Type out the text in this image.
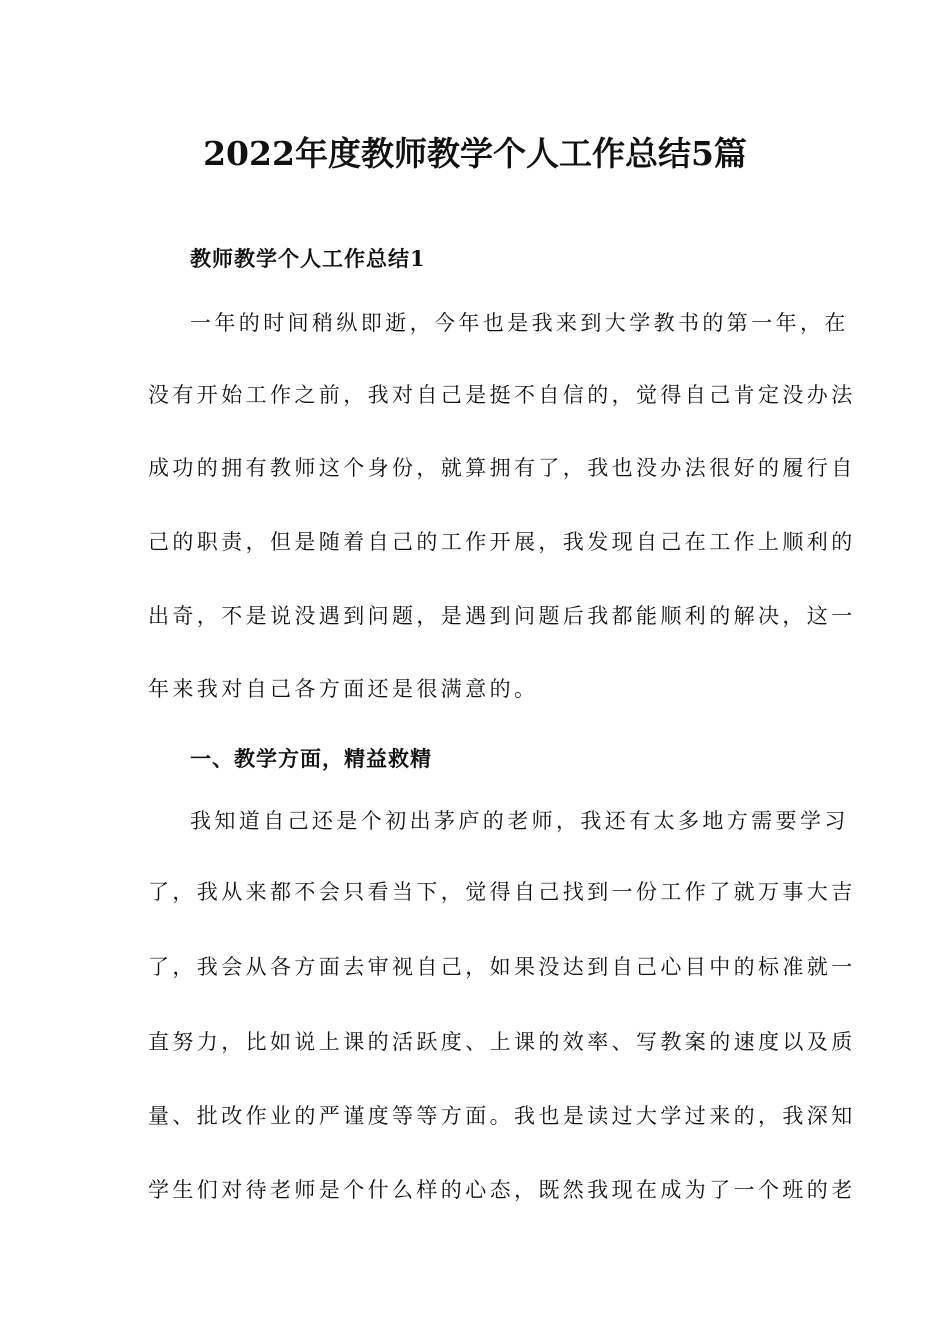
2022年度教师教学个人工作总结5篇
教师教学个人工作总结1
一年的时间稍纵即逝，今年也是我来到大学教书的第一年，在
没有开始工作之前，我对自己是挺不自信的，觉得自己肯定没办法
成功的拥有教师这个身份，就算拥有了，我也没办法很好的履行自
己的职责，但是随着自己的工作开展，我发现自己在工作上顺利的
出奇，不是说没遇到问题，是遇到问题后我都能顺利的解决，这一
年来我对自己各方面还是很满意的。
一、教学方面，精益救精
我知道自己还是个初出茅庐的老师，我还有太多地方需要学习
了，我从来都不会只看当下，觉得自己找到一份工作了就万事大吉
了，我会从各方面去审视自己，如果没达到自己心目中的标准就一
直努力，比如说上课的活跃度、上课的效率、写教案的速度以及质
量、批改作业的严谨度等等方面。我也是读过大学过来的，我深知
学生们对待老师是个什么样的心态，既然我现在成为了一个班的老
